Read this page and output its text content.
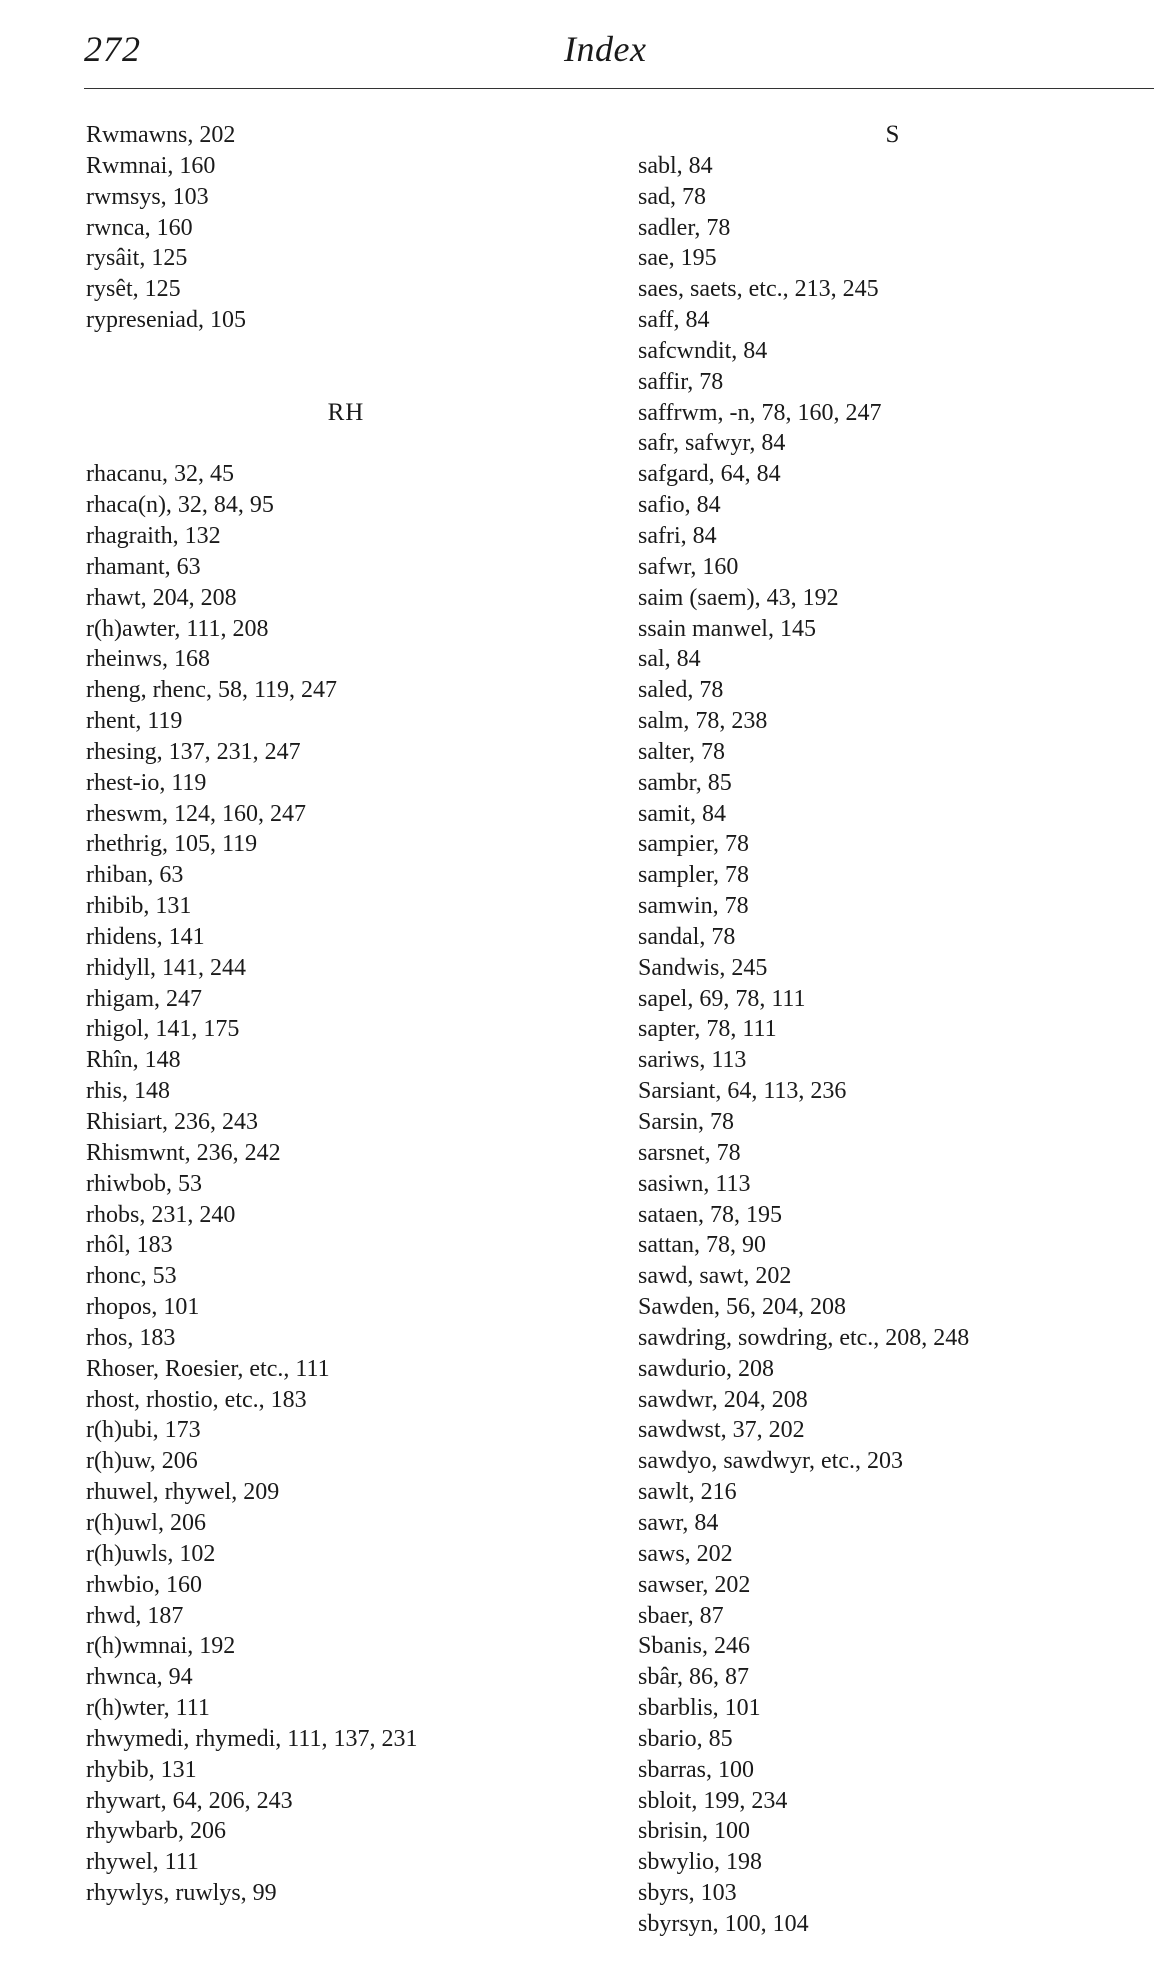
272	Index
Rwmawns, 202
Rwmnai, 160
rwmsys, 103
rwnca, 160
rysâit, 125
rysêt, 125
rypreseniad, 105
RH
rhacanu, 32, 45
rhaca(n), 32, 84, 95
rhagraith, 132
rhamant, 63
rhawt, 204, 208
r(h)awter, 111, 208
rheinws, 168
rheng, rhenc, 58, 119, 247
rhent, 119
rhesing, 137, 231, 247
rhest-io, 119
rheswm, 124, 160, 247
rhethrig, 105, 119
rhiban, 63
rhibib, 131
rhidens, 141
rhidyll, 141, 244
rhigam, 247
rhigol, 141, 175
Rhîn, 148
rhis, 148
Rhisiart, 236, 243
Rhismwnt, 236, 242
rhiwbob, 53
rhobs, 231, 240
rhôl, 183
rhonc, 53
rhopos, 101
rhos, 183
Rhoser, Roesier, etc., 111
rhost, rhostio, etc., 183
r(h)ubi, 173
r(h)uw, 206
rhuwel, rhywel, 209
r(h)uwl, 206
r(h)uwls, 102
rhwbio, 160
rhwd, 187
r(h)wmnai, 192
rhwnca, 94
r(h)wter, 111
rhwymedi, rhymedi, 111, 137, 231
rhybib, 131
rhywart, 64, 206, 243
rhywbarb, 206
rhywel, 111
rhywlys, ruwlys, 99
S
sabl, 84
sad, 78
sadler, 78
sae, 195
saes, saets, etc., 213, 245
saff, 84
safcwndit, 84
saffir, 78
saffrwm, -n, 78, 160, 247
safr, safwyr, 84
safgard, 64, 84
safio, 84
safri, 84
safwr, 160
saim (saem), 43, 192
ssain manwel, 145
sal, 84
saled, 78
salm, 78, 238
salter, 78
sambr, 85
samit, 84
sampier, 78
sampler, 78
samwin, 78
sandal, 78
Sandwis, 245
sapel, 69, 78, 111
sapter, 78, 111
sariws, 113
Sarsiant, 64, 113, 236
Sarsin, 78
sarsnet, 78
sasiwn, 113
sataen, 78, 195
sattan, 78, 90
sawd, sawt, 202
Sawden, 56, 204, 208
sawdring, sowdring, etc., 208, 248
sawdurio, 208
sawdwr, 204, 208
sawdwst, 37, 202
sawdyo, sawdwyr, etc., 203
sawlt, 216
sawr, 84
saws, 202
sawser, 202
sbaer, 87
Sbanis, 246
sbâr, 86, 87
sbarblis, 101
sbario, 85
sbarras, 100
sbloit, 199, 234
sbrisin, 100
sbwylio, 198
sbyrs, 103
sbyrsyn, 100, 104
